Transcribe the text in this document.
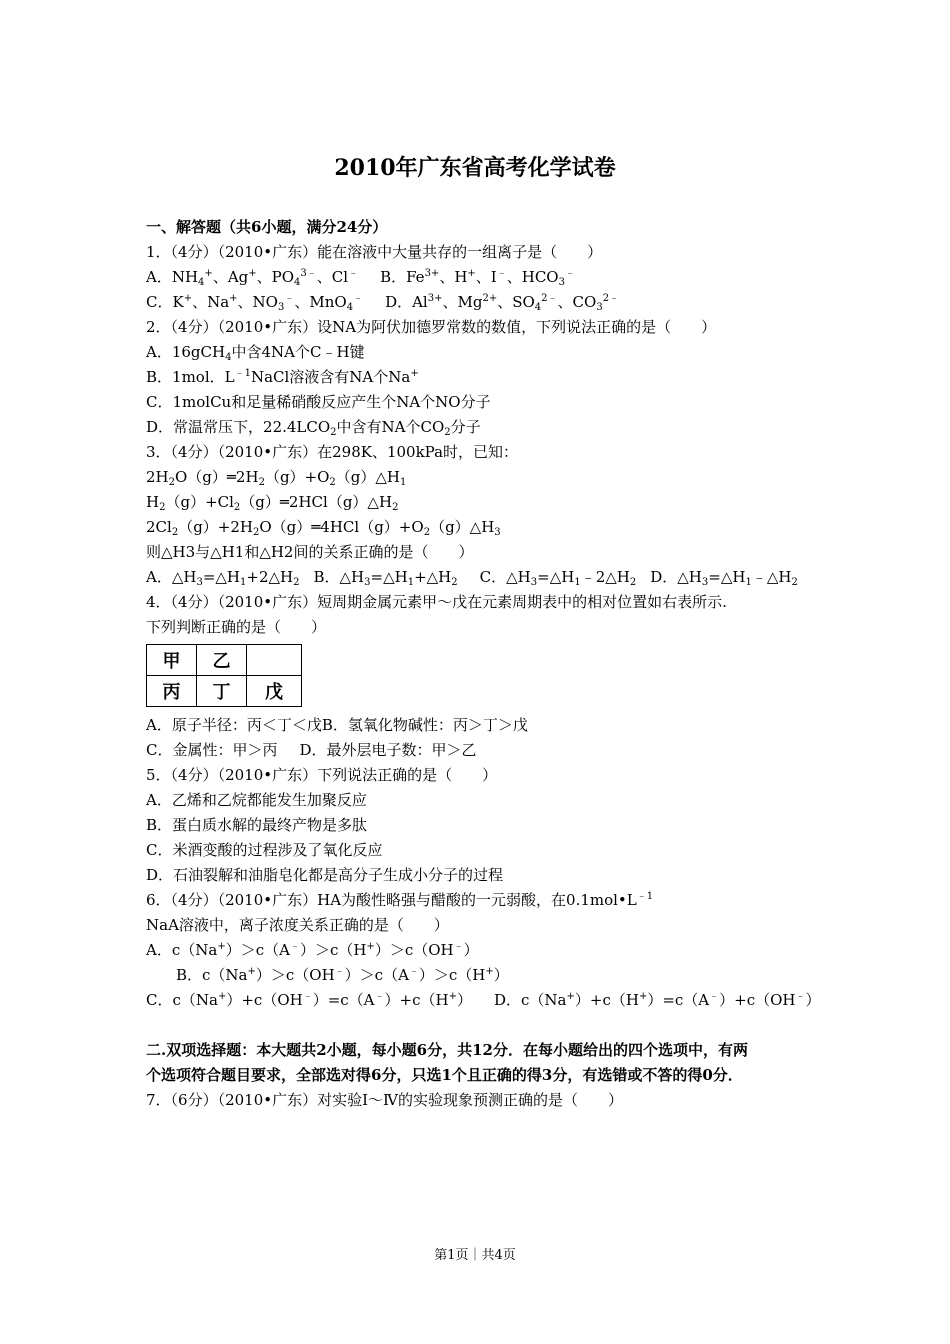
2010年广东省高考化学试卷
一、解答题（共6小题，满分24分）
1．（4分）（2010•广东）能在溶液中大量共存的一组离子是（　　）
A．$NH_4^+$、Ag+、$PO_4^{3﹣}$、Cl﹣ B．$Fe^{3+}$、H+、I﹣、$HCO_3^﹣$
C．K+、Na+、$NO_3^﹣$、MnO$_4$﹣ D．$Al^{3+}$、$Mg^{2+}$、$SO_4^{2﹣}$、$CO_3^{2﹣}$
2．（4分）（2010•广东）设NA为阿伏加德罗常数的数值，下列说法正确的是（　　）
A．16gCH$_4$中含4NA个C﹣H键
B．1mol．$L^{﹣1}NaCl$溶液含有NA个Na+
C．1molCu和足量稀硝酸反应产生个NA个NO分子
D．常温常压下，$22.4LCO_2$中含有NA个$CO_2$分子
3．（4分）（2010•广东）在298K、100kPa时，已知：
$2H_2O(g)═2H_2(g)+O_2(g)\triangle H_1$
$H_2(g)+Cl_2(g)═2HCl(g)\triangle H_2$
$2Cl_2(g)+2H_2O(g)═4HCl(g)+O_2(g)\triangle H_3$
则△H3与△H1和△H2间的关系正确的是（　　）
A．$\triangle H_3=\triangle H_1+2\triangle H_2$ B．$\triangle H_3=\triangle H_1+\triangle H_2$ C．$\triangle H_3=\triangle H_1﹣2\triangle H_2$ D．$\triangle H_3=\triangle H_1﹣\triangle H_2$
4．（4分）（2010•广东）短周期金属元素甲～戊在元素周期表中的相对位置如右表所示.
下列判断正确的是（　　）
甲	乙	
丙	丁	戊
A．原子半径：丙＜丁＜戊B．氢氧化物碱性：丙＞丁＞戊
C．金属性：甲＞丙 D．最外层电子数：甲＞乙
5．（4分）（2010•广东）下列说法正确的是（　　）
A．乙烯和乙烷都能发生加聚反应
B．蛋白质水解的最终产物是多肽
C．米酒变酸的过程涉及了氧化反应
D．石油裂解和油脂皂化都是高分子生成小分子的过程
6．（4分）（2010•广东）HA为酸性略强与醋酸的一元弱酸，在$0.1mol•L^{﹣1}$
NaA溶液中，离子浓度关系正确的是（　　）
A．c（Na+）＞c（A﹣）＞c（H+）＞c（OH﹣）
B．c（Na+）＞c（OH﹣）＞c（A﹣）＞c（H+）
C．c（Na+）+c（OH﹣）=c（A﹣）+c（H+） D．c（Na+）+c（H+）=c（A﹣）+c（OH﹣）
二.双项选择题：本大题共2小题，每小题6分，共12分．在每小题给出的四个选项中，有两
个选项符合题目要求，全部选对得6分，只选1个且正确的得3分，有选错或不答的得0分．
7．（6分）（2010•广东）对实验Ⅰ～Ⅳ的实验现象预测正确的是（　　）
第1页｜共4页
